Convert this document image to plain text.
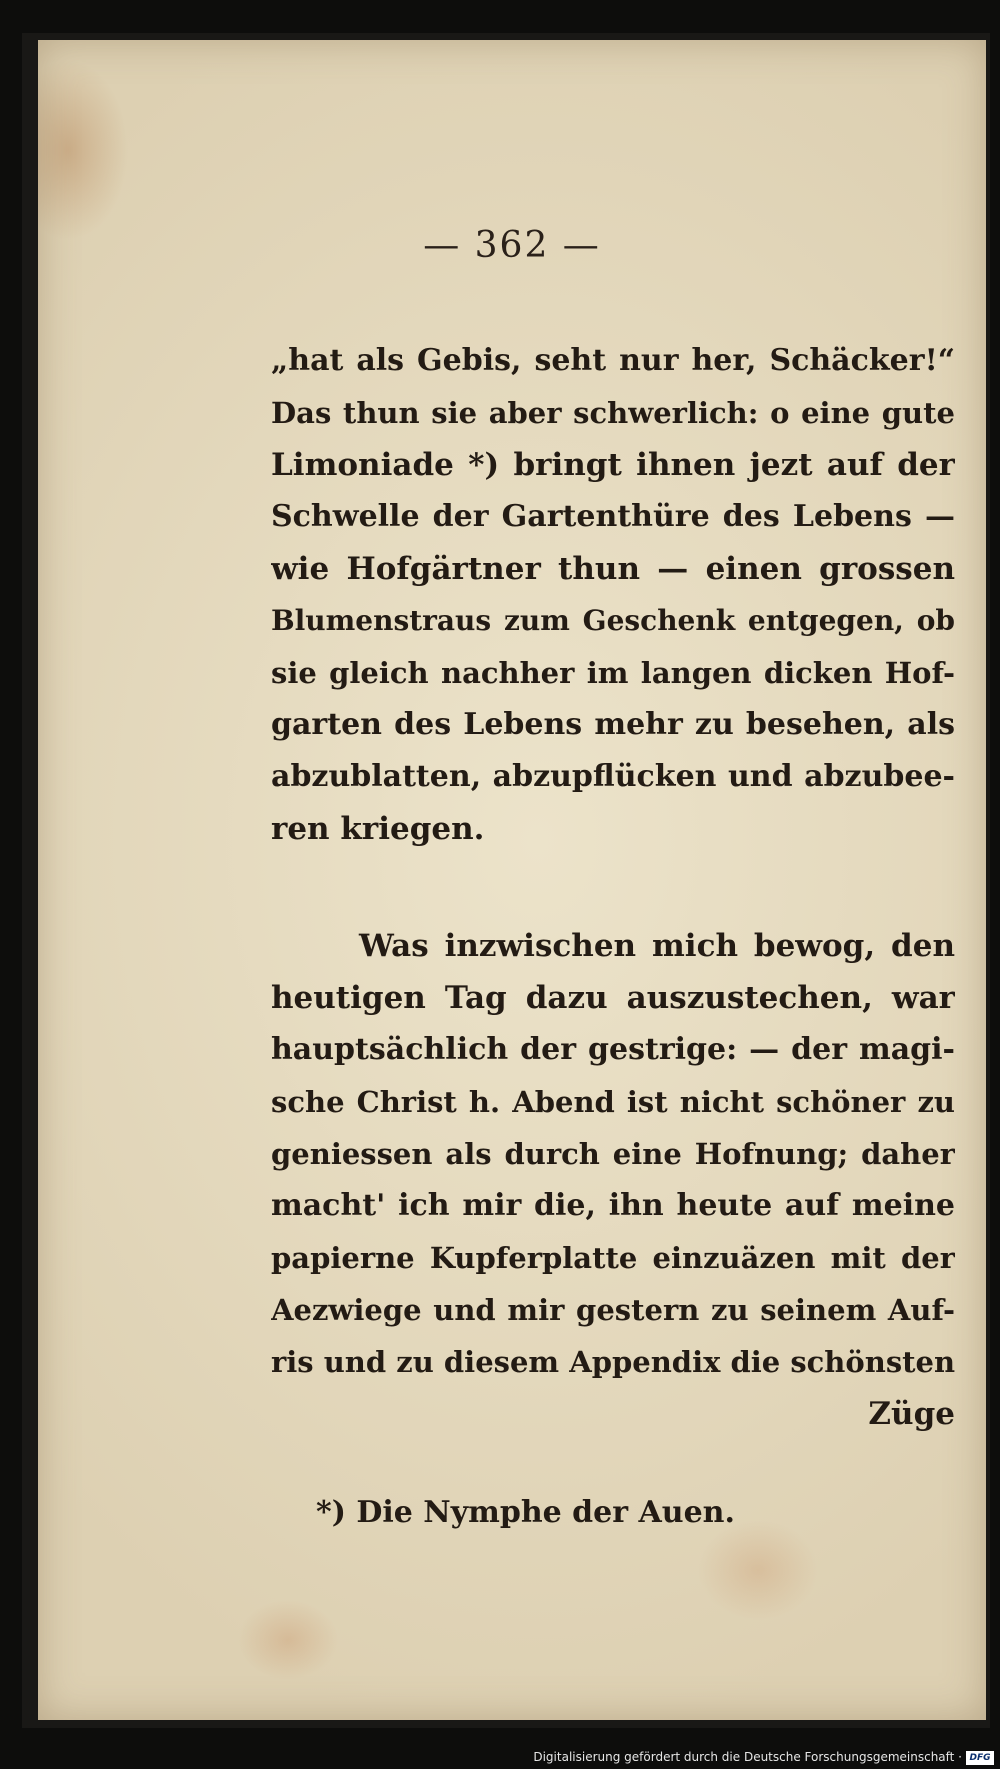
— 362 —
„hat als Gebis, seht nur her, Schäcker!“
Das thun sie aber schwerlich: o eine gute
Limoniade *) bringt ihnen jezt auf der
Schwelle der Gartenthüre des Lebens —
wie Hofgärtner thun — einen grossen
Blumenstraus zum Geschenk entgegen, ob
sie gleich nachher im langen dicken Hof-
garten des Lebens mehr zu besehen, als
abzublatten, abzupflücken und abzubee-
ren kriegen.
Was inzwischen mich bewog, den
heutigen Tag dazu auszustechen, war
hauptsächlich der gestrige: — der magi-
sche Christ h. Abend ist nicht schöner zu
geniessen als durch eine Hofnung; daher
macht' ich mir die, ihn heute auf meine
papierne Kupferplatte einzuäzen mit der
Aezwiege und mir gestern zu seinem Auf-
ris und zu diesem Appendix die schönsten
Züge
*) Die Nymphe der Auen.
Digitalisierung gefördert durch die Deutsche Forschungsgemeinschaft · DFG
